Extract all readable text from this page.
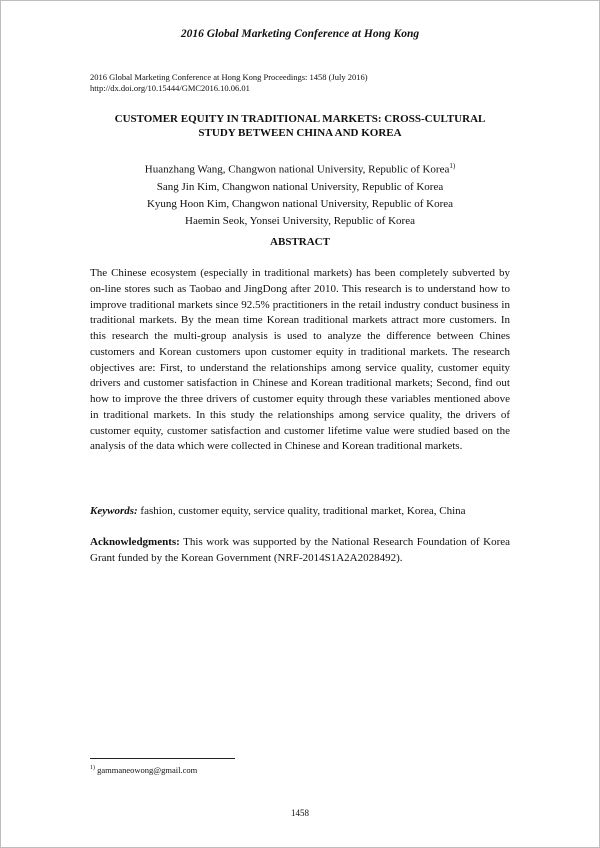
2016 Global Marketing Conference at Hong Kong
2016 Global Marketing Conference at Hong Kong Proceedings: 1458 (July 2016)
http://dx.doi.org/10.15444/GMC2016.10.06.01
CUSTOMER EQUITY IN TRADITIONAL MARKETS: CROSS-CULTURAL
STUDY BETWEEN CHINA AND KOREA
Huanzhang Wang, Changwon national University, Republic of Korea$^{1)}$
Sang Jin Kim, Changwon national University, Republic of Korea
Kyung Hoon Kim, Changwon national University, Republic of Korea
Haemin Seok, Yonsei University, Republic of Korea
ABSTRACT

The Chinese ecosystem (especially in traditional markets) has been completely subverted by on-line stores such as Taobao and JingDong after 2010. This research is to understand how to improve traditional markets since 92.5% practitioners in the retail industry conduct business in traditional markets. By the mean time Korean traditional markets attract more customers. In this research the multi-group analysis is used to analyze the difference between Chines customers and Korean customers upon customer equity in traditional markets. The research objectives are: First, to understand the relationships among service quality, customer equity drivers and customer satisfaction in Chinese and Korean traditional markets; Second, find out how to improve the three drivers of customer equity through these variables mentioned above in traditional markets. In this study the relationships among service quality, the drivers of customer equity, customer satisfaction and customer lifetime value were studied based on the analysis of the data which were collected in Chinese and Korean traditional markets.

Keywords: fashion, customer equity, service quality, traditional market, Korea, China

Acknowledgments: This work was supported by the National Research Foundation of Korea Grant funded by the Korean Government (NRF-2014S1A2A2028492).

$^{1)}$ gammaneowong@gmail.com
1458
